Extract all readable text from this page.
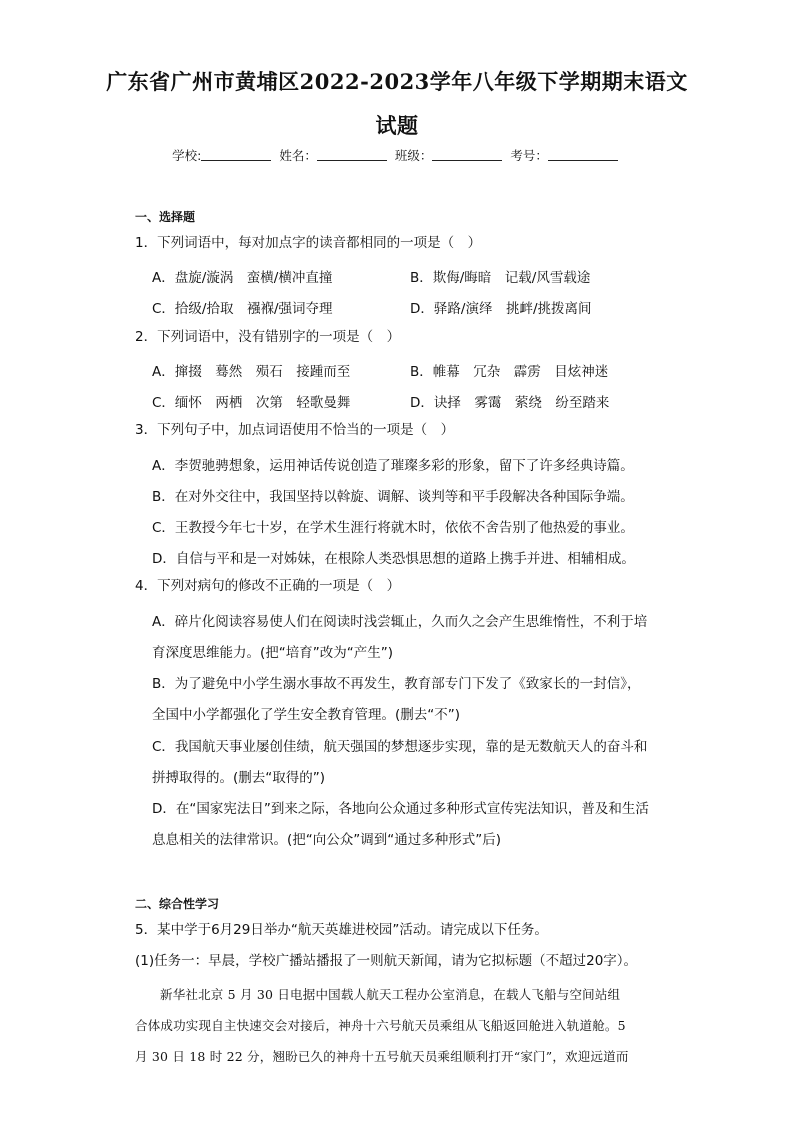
广东省广州市黄埔区2022-2023学年八年级下学期期末语文
试题
学校:	姓名：	班级：	考号：
一、选择题
1．下列词语中，每对加点字的读音都相同的一项是（　）
A．盘旋/漩涡　蛮横/横冲直撞	B．欺侮/晦暗　记载/风雪载途
C．拾级/拾取　襁褓/强词夺理	D．驿路/演绎　挑衅/挑拨离间
2．下列词语中，没有错别字的一项是（　）
A．撺掇　蓦然　殒石　接踵而至	B．帷幕　冗杂　霹雳　目炫神迷
C．缅怀　两栖　次第　轻歌曼舞	D．诀择　雾霭　萦绕　纷至踏来
3．下列句子中，加点词语使用不恰当的一项是（　）
A．李贺驰骋想象，运用神话传说创造了璀璨多彩的形象，留下了许多经典诗篇。
B．在对外交往中，我国坚持以斡旋、调解、谈判等和平手段解决各种国际争端。
C．王教授今年七十岁，在学术生涯行将就木时，依依不舍告别了他热爱的事业。
D．自信与平和是一对姊妹，在根除人类恐惧思想的道路上携手并进、相辅相成。
4．下列对病句的修改不正确的一项是（　）
A．碎片化阅读容易使人们在阅读时浅尝辄止，久而久之会产生思维惰性，不利于培
育深度思维能力。(把“培育”改为“产生”)
B．为了避免中小学生溺水事故不再发生，教育部专门下发了《致家长的一封信》，
全国中小学都强化了学生安全教育管理。(删去“不”)
C．我国航天事业屡创佳绩，航天强国的梦想逐步实现，靠的是无数航天人的奋斗和
拼搏取得的。(删去“取得的”)
D．在“国家宪法日”到来之际，各地向公众通过多种形式宣传宪法知识，普及和生活
息息相关的法律常识。(把“向公众”调到“通过多种形式”后)
二、综合性学习
5．某中学于6月29日举办“航天英雄进校园”活动。请完成以下任务。
(1)任务一：早晨，学校广播站播报了一则航天新闻，请为它拟标题（不超过20字）。
新华社北京 5 月 30 日电据中国载人航天工程办公室消息，在载人飞船与空间站组
合体成功实现自主快速交会对接后，神舟十六号航天员乘组从飞船返回舱进入轨道舱。5
月 30 日 18 时 22 分，翘盼已久的神舟十五号航天员乘组顺利打开“家门”，欢迎远道而
